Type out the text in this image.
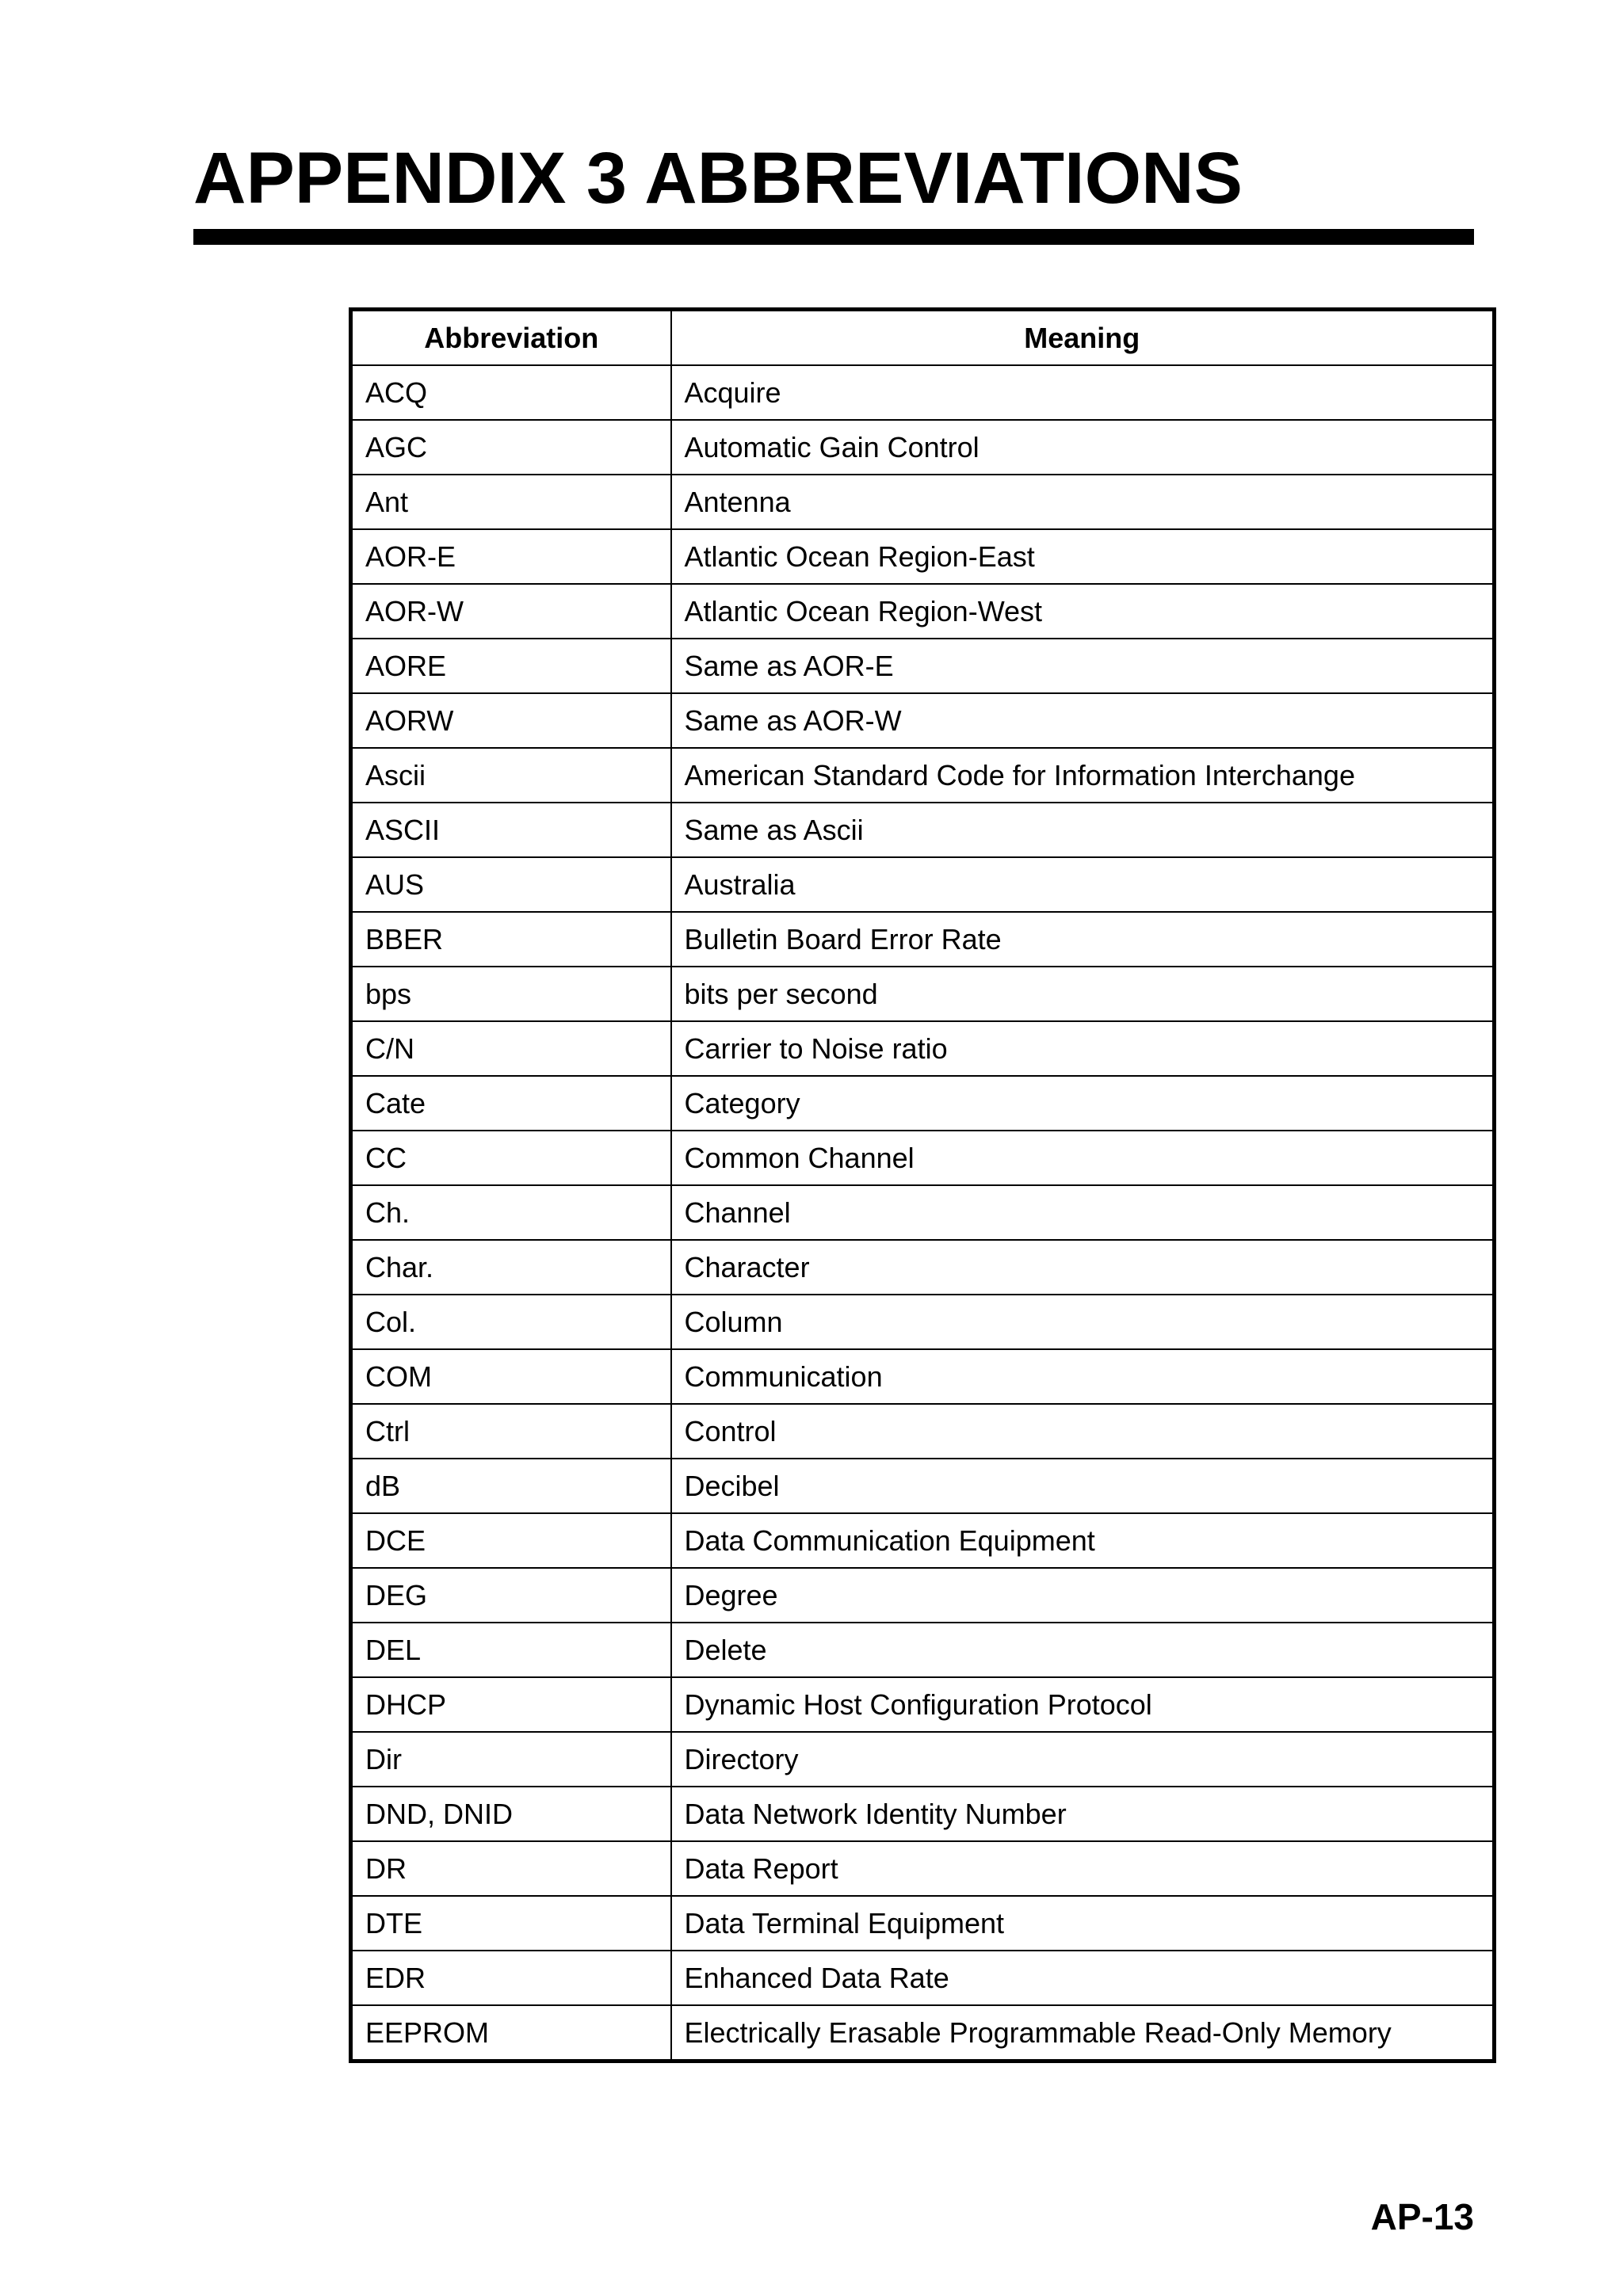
APPENDIX 3 ABBREVIATIONS
Abbreviation	Meaning
ACQ	Acquire
AGC	Automatic Gain Control
Ant	Antenna
AOR-E	Atlantic Ocean Region-East
AOR-W	Atlantic Ocean Region-West
AORE	Same as AOR-E
AORW	Same as AOR-W
Ascii	American Standard Code for Information Interchange
ASCII	Same as Ascii
AUS	Australia
BBER	Bulletin Board Error Rate
bps	bits per second
C/N	Carrier to Noise ratio
Cate	Category
CC	Common Channel
Ch.	Channel
Char.	Character
Col.	Column
COM	Communication
Ctrl	Control
dB	Decibel
DCE	Data Communication Equipment
DEG	Degree
DEL	Delete
DHCP	Dynamic Host Configuration Protocol
Dir	Directory
DND, DNID	Data Network Identity Number
DR	Data Report
DTE	Data Terminal Equipment
EDR	Enhanced Data Rate
EEPROM	Electrically Erasable Programmable Read-Only Memory
AP-13
